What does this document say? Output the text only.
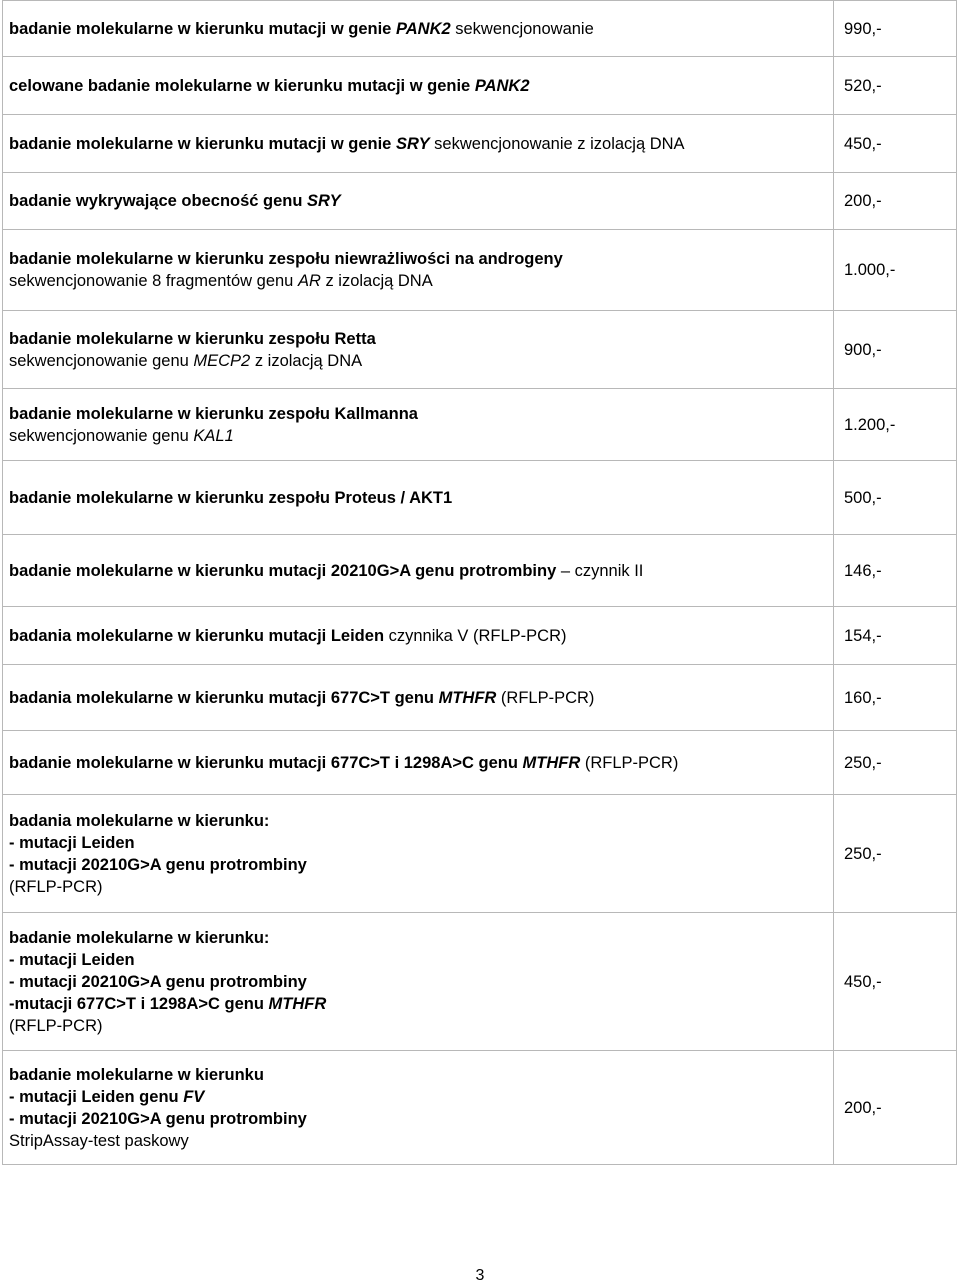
badanie molekularne w kierunku mutacji w genie PANK2 sekwencjonowanie	990,-

celowane badanie molekularne w kierunku mutacji w genie PANK2	520,-

badanie molekularne w kierunku mutacji w genie SRY sekwencjonowanie z izolacją DNA	450,-

badanie wykrywające obecność genu SRY	200,-

badanie molekularne w kierunku zespołu niewrażliwości na androgeny
sekwencjonowanie 8 fragmentów genu AR z izolacją DNA	1.000,-

badanie molekularne w kierunku zespołu Retta
sekwencjonowanie genu MECP2 z izolacją DNA	900,-

badanie molekularne w kierunku zespołu Kallmanna
sekwencjonowanie genu KAL1	1.200,-

badanie molekularne w kierunku zespołu Proteus / AKT1	500,-

badanie molekularne w kierunku mutacji 20210G>A genu protrombiny – czynnik II	146,-

badania molekularne w kierunku mutacji Leiden czynnika V (RFLP-PCR)	154,-

badania molekularne w kierunku mutacji 677C>T genu MTHFR (RFLP-PCR)	160,-

badanie molekularne w kierunku mutacji 677C>T i 1298A>C genu MTHFR (RFLP-PCR)	250,-

badania molekularne w kierunku:
- mutacji Leiden
- mutacji 20210G>A genu protrombiny
(RFLP-PCR)	250,-

badanie molekularne w kierunku:
- mutacji Leiden
- mutacji 20210G>A genu protrombiny
-mutacji 677C>T i 1298A>C genu MTHFR
(RFLP-PCR)	450,-

badanie molekularne w kierunku
- mutacji Leiden genu FV
- mutacji 20210G>A genu protrombiny
StripAssay-test paskowy	200,-
3
